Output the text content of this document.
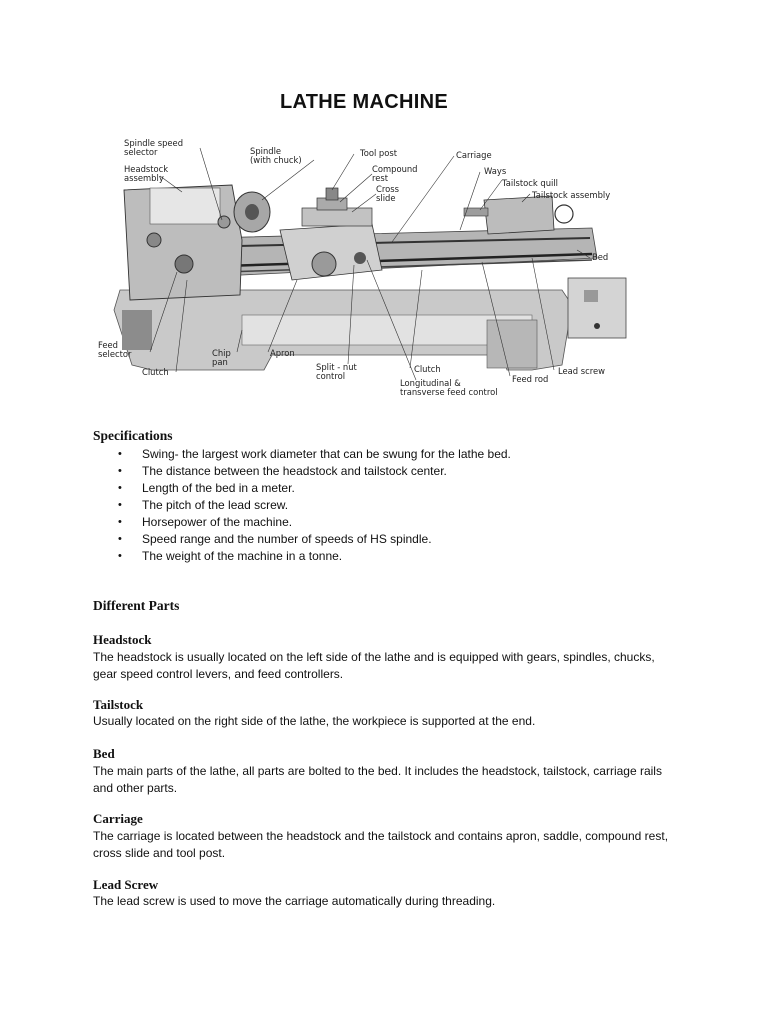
LATHE MACHINE
Spindle speed
selector
Headstock
assembly
Spindle
(with chuck)
Tool post
Compound
rest
Cross
slide
Carriage
Ways
Tailstock quill
Tailstock assembly
Bed
Feed
selector	Chip
pan
Apron
Clutch	Split - nut
control
Clutch
Longitudinal &
transverse feed control
Feed rod
Lead screw
Specifications
• Swing- the largest work diameter that can be swung for the lathe bed.
• The distance between the headstock and tailstock center.
• Length of the bed in a meter.
• The pitch of the lead screw.
• Horsepower of the machine.
• Speed range and the number of speeds of HS spindle.
• The weight of the machine in a tonne.
Different Parts
Headstock
The headstock is usually located on the left side of the lathe and is equipped with gears, spindles, chucks, gear speed control levers, and feed controllers.
Tailstock
Usually located on the right side of the lathe, the workpiece is supported at the end.
Bed
The main parts of the lathe, all parts are bolted to the bed. It includes the headstock, tailstock, carriage rails and other parts.
Carriage
The carriage is located between the headstock and the tailstock and contains apron, saddle, compound rest, cross slide and tool post.
Lead Screw
The lead screw is used to move the carriage automatically during threading.
